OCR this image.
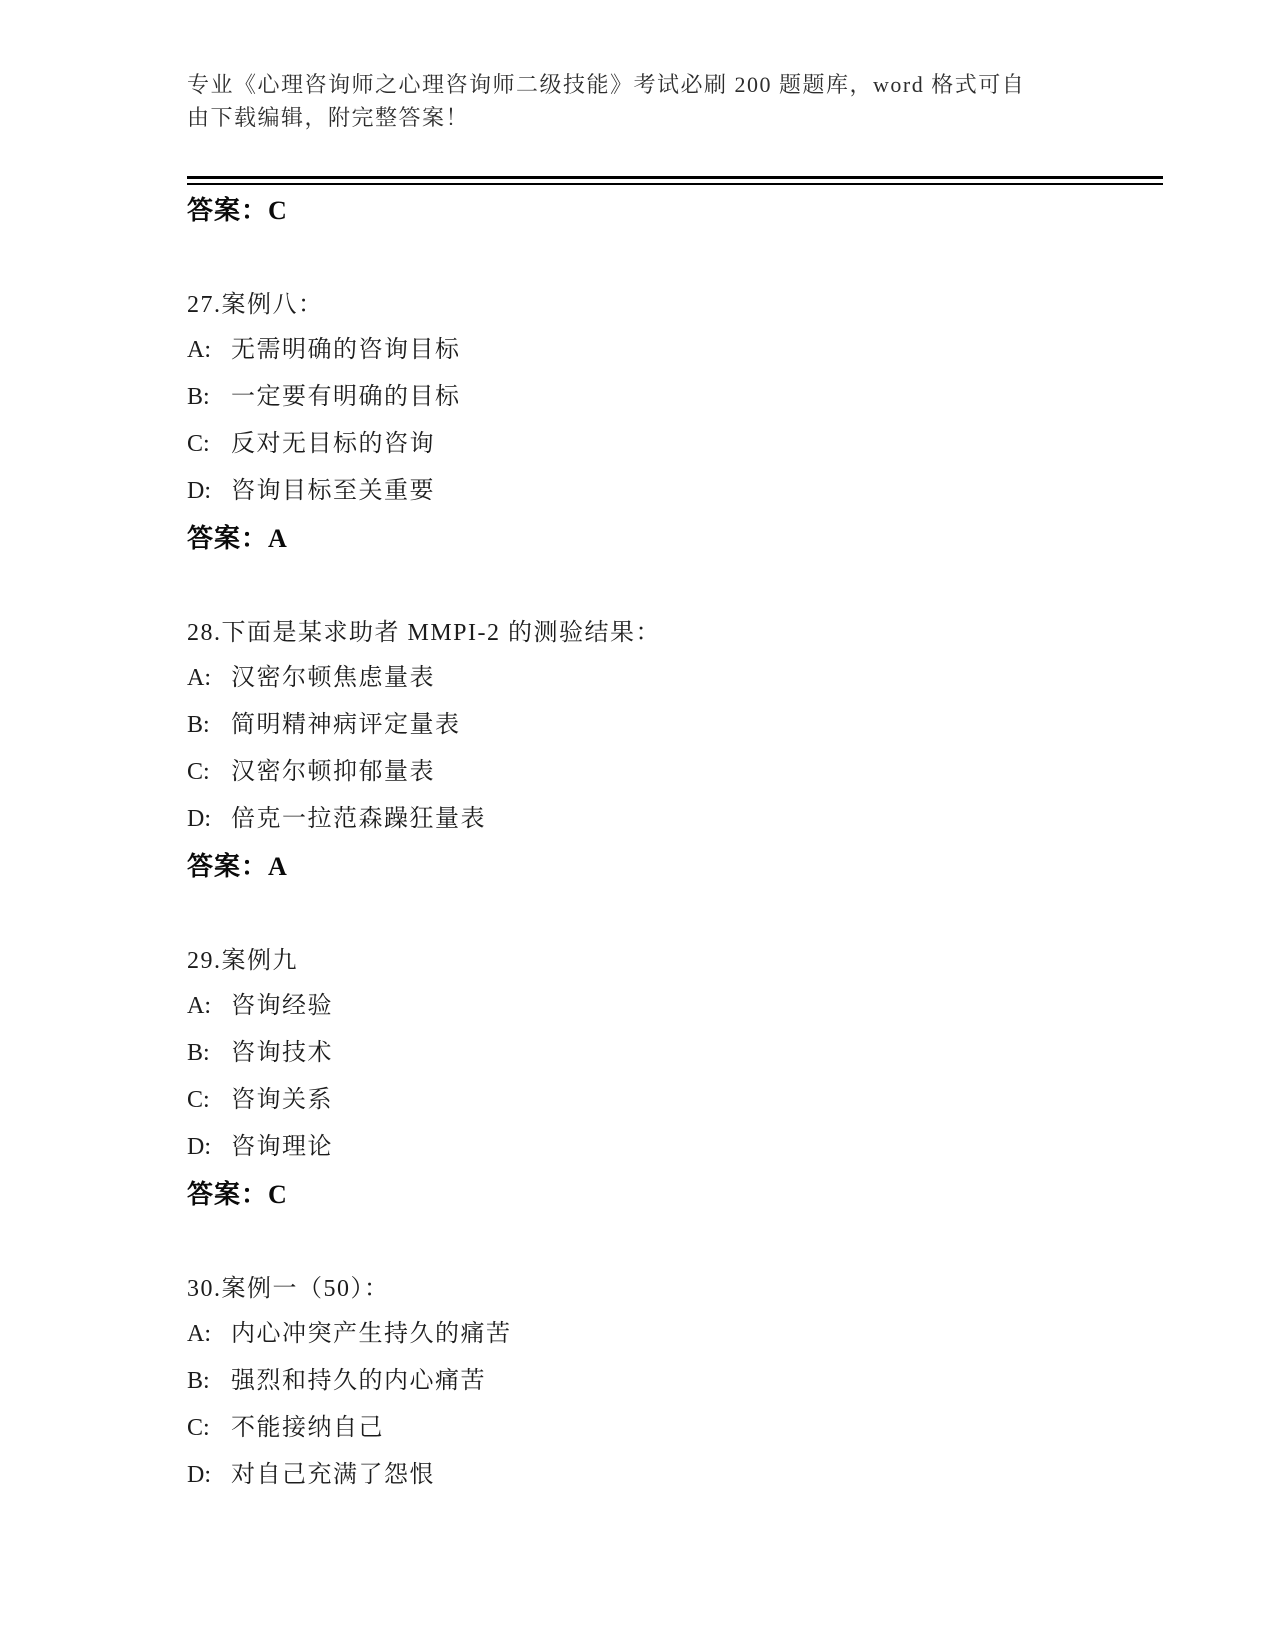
专业《心理咨询师之心理咨询师二级技能》考试必刷 200 题题库，word 格式可自
由下载编辑，附完整答案！
答案：C
27.案例八：
A: 无需明确的咨询目标
B: 一定要有明确的目标
C: 反对无目标的咨询
D: 咨询目标至关重要
答案：A
28.下面是某求助者 MMPI-2 的测验结果：
A: 汉密尔顿焦虑量表
B: 简明精神病评定量表
C: 汉密尔顿抑郁量表
D: 倍克一拉范森躁狂量表
答案：A
29.案例九
A: 咨询经验
B: 咨询技术
C: 咨询关系
D: 咨询理论
答案：C
30.案例一（50）：
A: 内心冲突产生持久的痛苦
B: 强烈和持久的内心痛苦
C: 不能接纳自己
D: 对自己充满了怨恨
